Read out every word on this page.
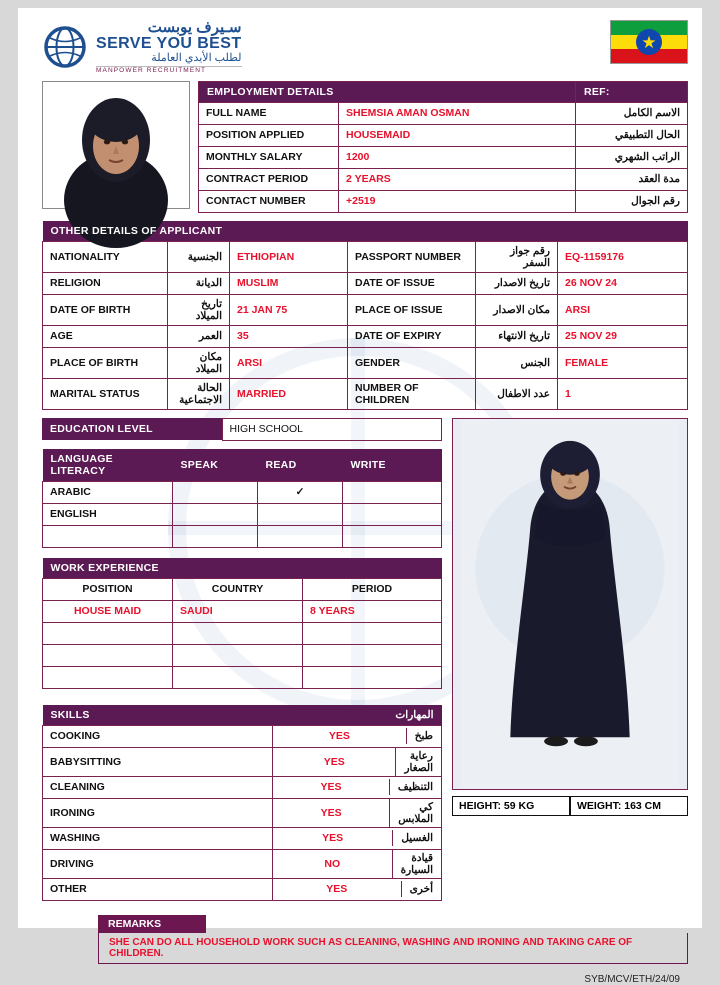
سـيرف يوبست
SERVE YOU BEST
لطلب الأيدي العاملة
MANPOWER RECRUITMENT
★
EMPLOYMENT DETAILS		REF:
FULL NAME	SHEMSIA AMAN OSMAN	الاسم الكامل
POSITION APPLIED	HOUSEMAID	الحال التطبيقي
MONTHLY SALARY	1200	الراتب الشهري
CONTRACT PERIOD	2 YEARS	مدة العقد
CONTACT NUMBER	+2519	رقم الجوال
OTHER DETAILS OF APPLICANT					
NATIONALITY	الجنسية	ETHIOPIAN	PASSPORT NUMBER	رقم جواز السفر	EQ-1159176
RELIGION	الديانة	MUSLIM	DATE OF ISSUE	تاريخ الاصدار	26 NOV 24
DATE OF BIRTH	تاريخ الميلاد	21 JAN 75	PLACE OF ISSUE	مكان الاصدار	ARSI
AGE	العمر	35	DATE OF EXPIRY	تاريخ الانتهاء	25 NOV 29
PLACE OF BIRTH	مكان الميلاد	ARSI	GENDER	الجنس	FEMALE
MARITAL STATUS	الحالة الاجتماعية	MARRIED	NUMBER OF CHILDREN	عدد الاطفال	1
EDUCATION LEVEL	HIGH SCHOOL
LANGUAGE LITERACY	SPEAK	READ	WRITE
ARABIC		✓	
ENGLISH			

WORK EXPERIENCE		
POSITION	COUNTRY	PERIOD
HOUSE MAID	SAUDI	8 YEARS

SKILLS	المهارات
COOKING		YES	طبخ

BABYSITTING		YES	رعاية الصغار

CLEANING		YES	التنظيف

IRONING		YES	كي الملابس

WASHING		YES	الغسيل

DRIVING		NO	قيادة السيارة

OTHER		YES	أخرى
HEIGHT: 59 KG	WEIGHT: 163 CM
REMARKS
SHE CAN DO ALL HOUSEHOLD WORK SUCH AS CLEANING, WASHING AND IRONING AND TAKING CARE OF CHILDREN.
SYB/MCV/ETH/24/09
